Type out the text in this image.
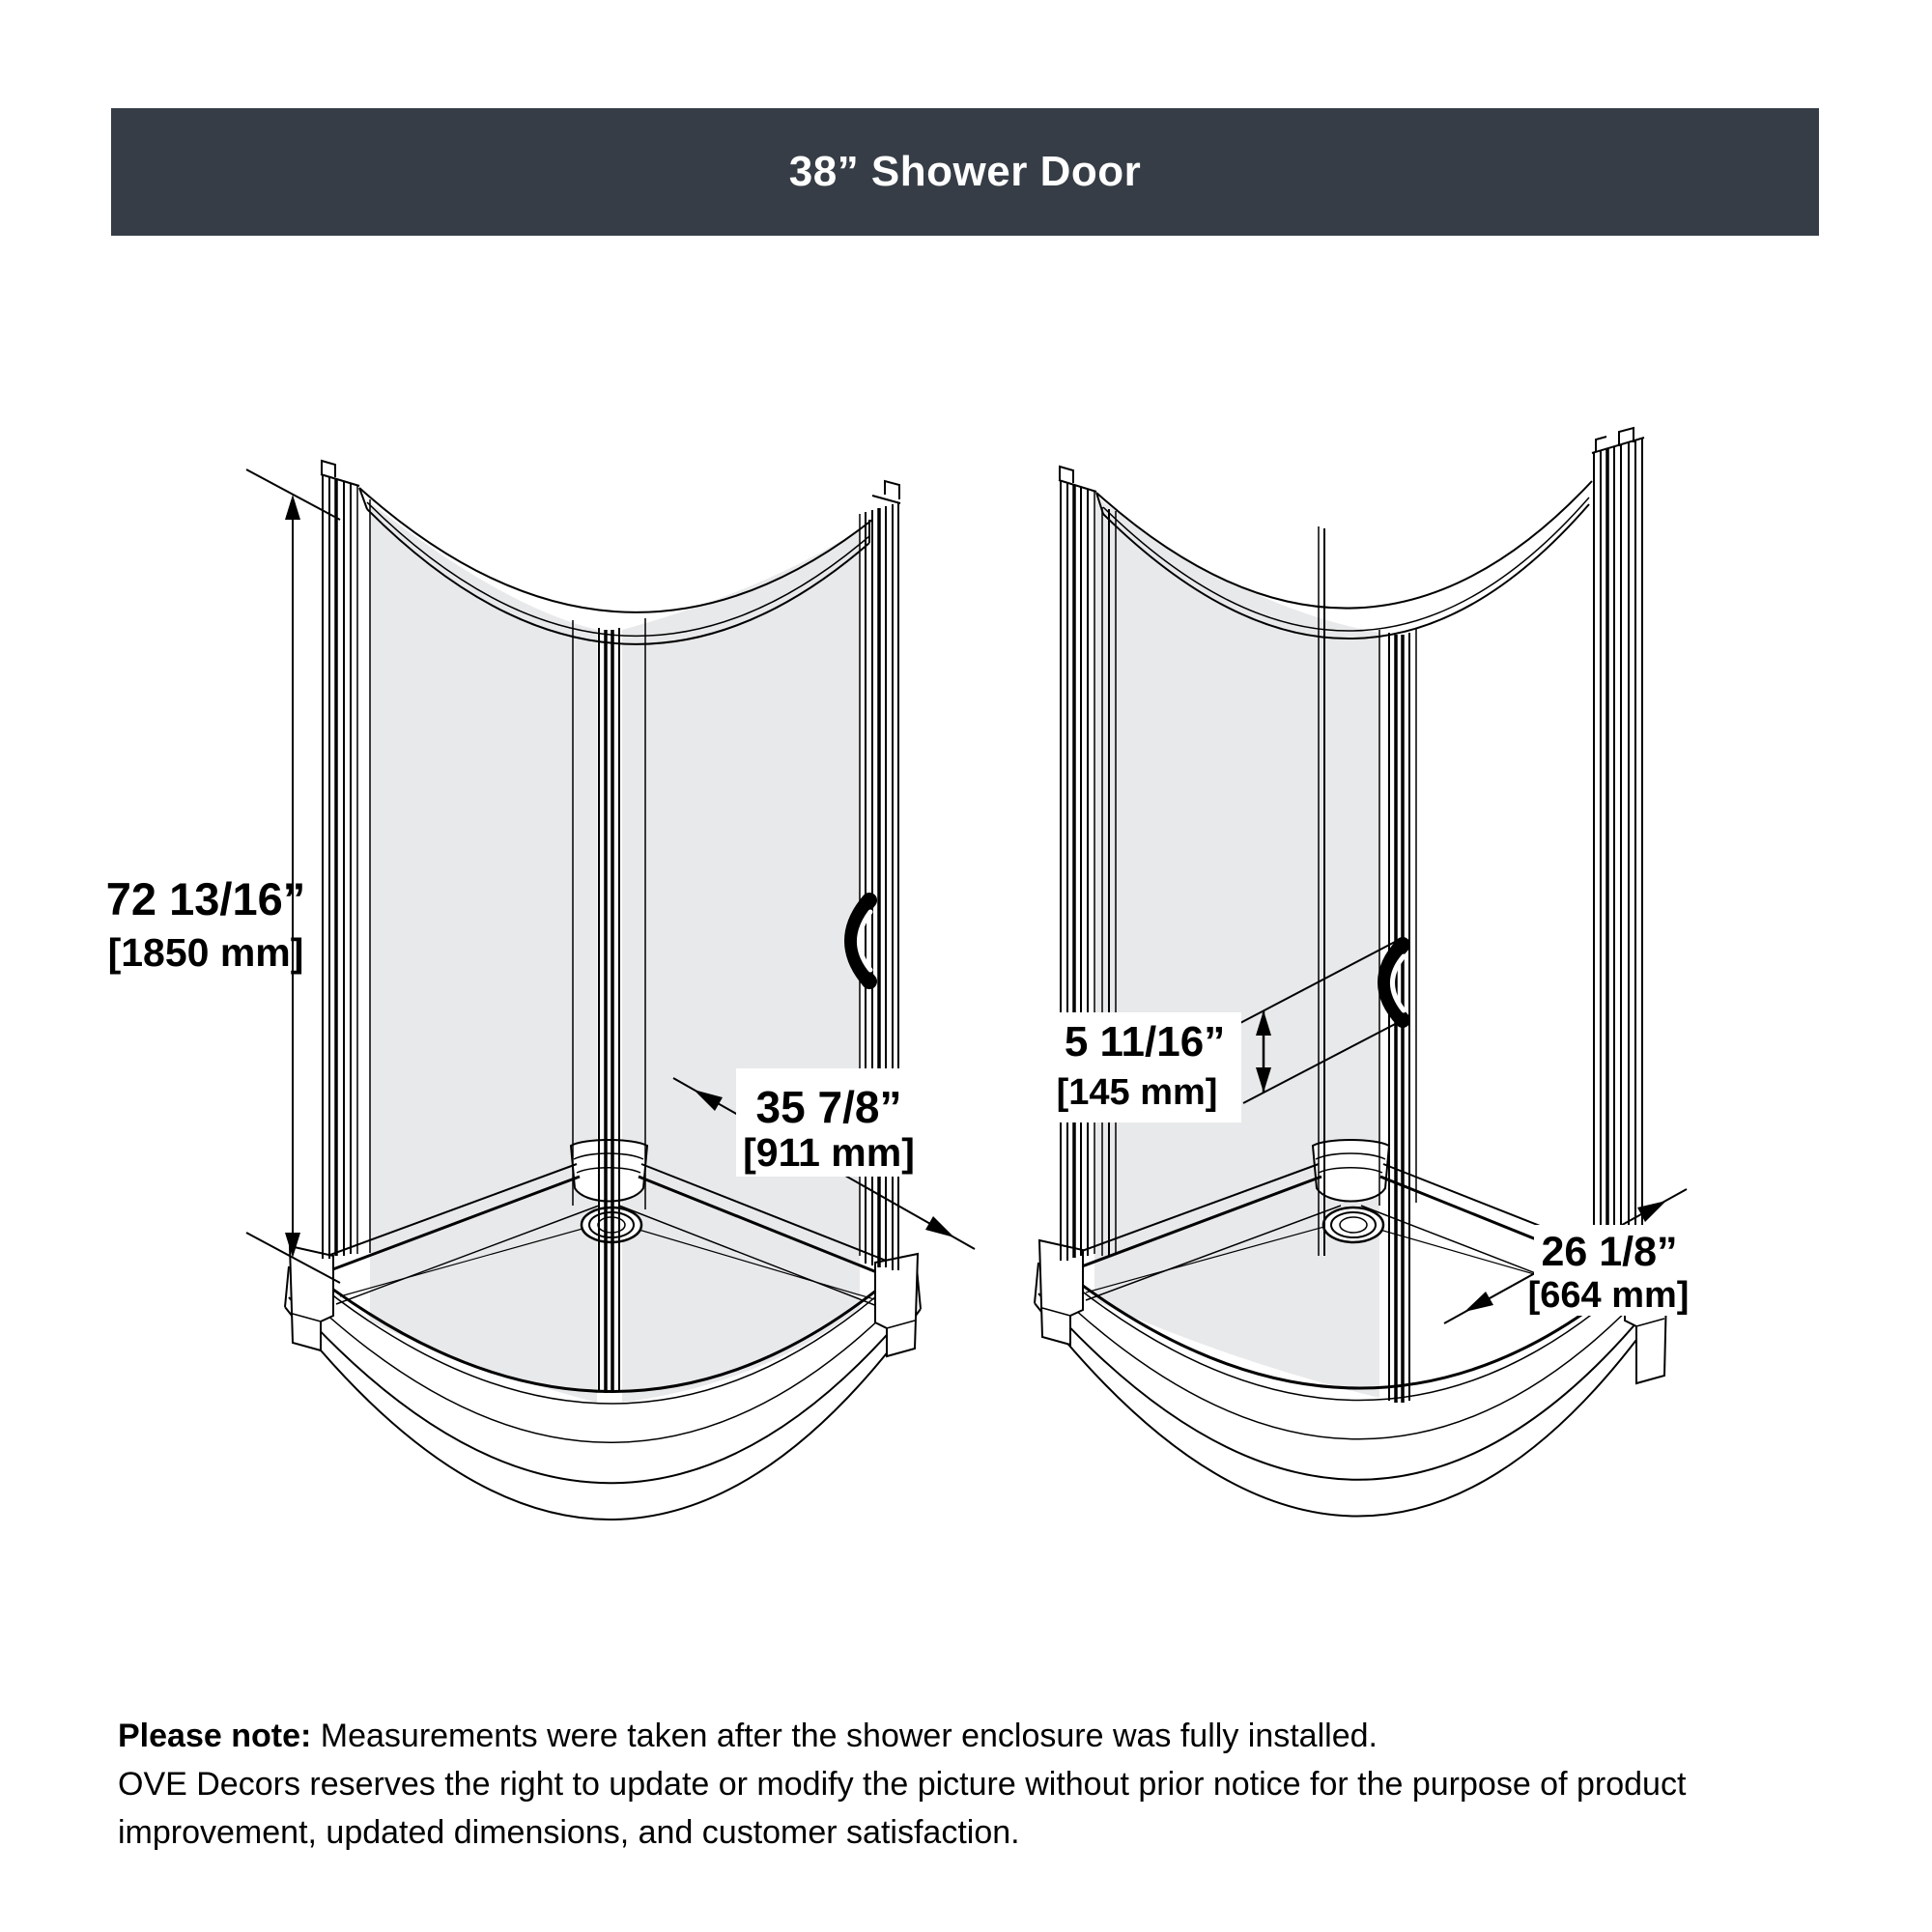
38” Shower Door
72 13/16”
[1850 mm]
35 7/8”
[911 mm]
5 11/16”
[145 mm]
26 1/8”
[664 mm]
Please note: Measurements were taken after the shower enclosure was fully installed.
OVE Decors reserves the right to update or modify the picture without prior notice for the purpose of product
improvement, updated dimensions, and customer satisfaction.
